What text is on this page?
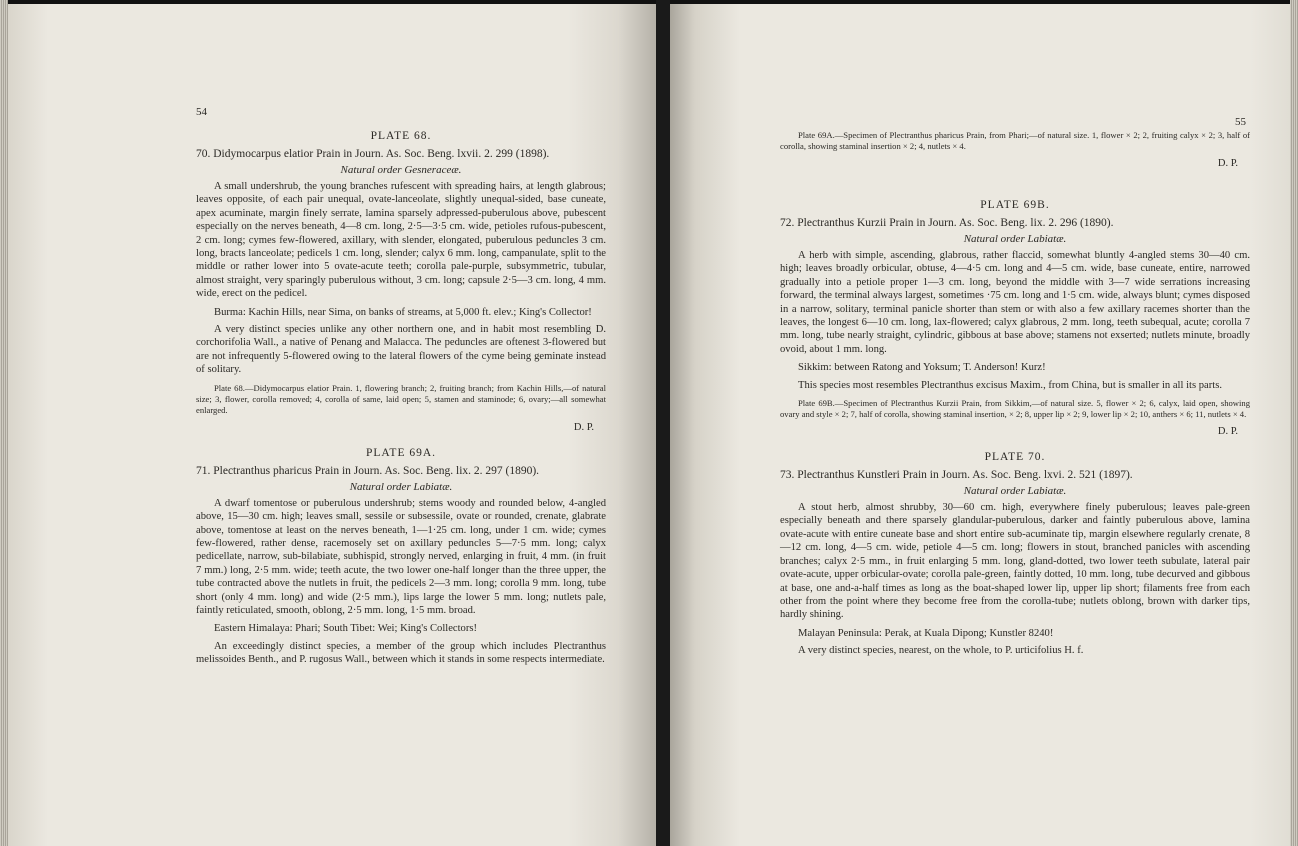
54

PLATE 68.

70. Didymocarpus elatior Prain in Journ. As. Soc. Beng. lxvii. 2. 299 (1898).

Natural order Gesneraceæ.

A small undershrub, the young branches rufescent with spreading hairs, at length glabrous; leaves opposite, of each pair unequal, ovate-lanceolate, slightly unequal-sided, base cuneate, apex acuminate, margin finely serrate, lamina sparsely adpressed-puberulous above, pubescent especially on the nerves beneath, 4—8 cm. long, 2·5—3·5 cm. wide, petioles rufous-pubescent, 2 cm. long; cymes few-flowered, axillary, with slender, elongated, puberulous peduncles 3 cm. long, bracts lanceolate; pedicels 1 cm. long, slender; calyx 6 mm. long, campanulate, split to the middle or rather lower into 5 ovate-acute teeth; corolla pale-purple, subsymmetric, tubular, almost straight, very sparingly puberulous without, 3 cm. long; capsule 2·5—3 cm. long, 4 mm. wide, erect on the pedicel.

Burma: Kachin Hills, near Sima, on banks of streams, at 5,000 ft. elev.; King's Collector!

A very distinct species unlike any other northern one, and in habit most resembling D. corchorifolia Wall., a native of Penang and Malacca. The peduncles are oftenest 3-flowered but are not infrequently 5-flowered owing to the lateral flowers of the cyme being geminate instead of solitary.

Plate 68.—Didymocarpus elatior Prain. 1, flowering branch; 2, fruiting branch; from Kachin Hills,—of natural size; 3, flower, corolla removed; 4, corolla of same, laid open; 5, stamen and staminode; 6, ovary;—all somewhat enlarged.

D. P.

PLATE 69A.

71. Plectranthus pharicus Prain in Journ. As. Soc. Beng. lix. 2. 297 (1890).

Natural order Labiatæ.

A dwarf tomentose or puberulous undershrub; stems woody and rounded below, 4-angled above, 15—30 cm. high; leaves small, sessile or subsessile, ovate or rounded, crenate, glabrate above, tomentose at least on the nerves beneath, 1—1·25 cm. long, under 1 cm. wide; cymes few-flowered, rather dense, racemosely set on axillary peduncles 5—7·5 mm. long; calyx pedicellate, narrow, sub-bilabiate, subhispid, strongly nerved, enlarging in fruit, 4 mm. (in fruit 7 mm.) long, 2·5 mm. wide; teeth acute, the two lower one-half longer than the three upper, the tube contracted above the nutlets in fruit, the pedicels 2—3 mm. long; corolla 9 mm. long, tube short (only 4 mm. long) and wide (2·5 mm.), lips large the lower 5 mm. long; nutlets pale, faintly reticulated, smooth, oblong, 2·5 mm. long, 1·5 mm. broad.

Eastern Himalaya: Phari; South Tibet: Wei; King's Collectors!

An exceedingly distinct species, a member of the group which includes Plectranthus melissoides Benth., and P. rugosus Wall., between which it stands in some respects intermediate.

55

Plate 69A.—Specimen of Plectranthus pharicus Prain, from Phari;—of natural size. 1, flower × 2; 2, fruiting calyx × 2; 3, half of corolla, showing staminal insertion × 2; 4, nutlets × 4.

D. P.

PLATE 69B.

72. Plectranthus Kurzii Prain in Journ. As. Soc. Beng. lix. 2. 296 (1890).

Natural order Labiatæ.

A herb with simple, ascending, glabrous, rather flaccid, somewhat bluntly 4-angled stems 30—40 cm. high; leaves broadly orbicular, obtuse, 4—4·5 cm. long and 4—5 cm. wide, base cuneate, entire, narrowed gradually into a petiole proper 1—3 cm. long, beyond the middle with 3—7 wide serrations increasing forward, the terminal always largest, sometimes ·75 cm. long and 1·5 cm. wide, always blunt; cymes disposed in a narrow, solitary, terminal panicle shorter than stem or with also a few axillary racemes shorter than the leaves, the longest 6—10 cm. long, lax-flowered; calyx glabrous, 2 mm. long, teeth subequal, acute; corolla 7 mm. long, tube nearly straight, cylindric, gibbous at base above; stamens not exserted; nutlets minute, broadly ovoid, about 1 mm. long.

Sikkim: between Ratong and Yoksum; T. Anderson! Kurz!

This species most resembles Plectranthus excisus Maxim., from China, but is smaller in all its parts.

Plate 69B.—Specimen of Plectranthus Kurzii Prain, from Sikkim,—of natural size. 5, flower × 2; 6, calyx, laid open, showing ovary and style × 2; 7, half of corolla, showing staminal insertion, × 2; 8, upper lip × 2; 9, lower lip × 2; 10, anthers × 6; 11, nutlets × 4.

D. P.

PLATE 70.

73. Plectranthus Kunstleri Prain in Journ. As. Soc. Beng. lxvi. 2. 521 (1897).

Natural order Labiatæ.

A stout herb, almost shrubby, 30—60 cm. high, everywhere finely puberulous; leaves pale-green especially beneath and there sparsely glandular-puberulous, darker and faintly puberulous above, lamina ovate-acute with entire cuneate base and short entire sub-acuminate tip, margin elsewhere regularly crenate, 8—12 cm. long, 4—5 cm. wide, petiole 4—5 cm. long; flowers in stout, branched panicles with ascending branches; calyx 2·5 mm., in fruit enlarging 5 mm. long, gland-dotted, two lower teeth subulate, lateral pair ovate-acute, upper orbicular-ovate; corolla pale-green, faintly dotted, 10 mm. long, tube decurved and gibbous at base, one and-a-half times as long as the boat-shaped lower lip, upper lip short; filaments free from each other from the point where they become free from the corolla-tube; nutlets oblong, brown with darker tips, hardly shining.

Malayan Peninsula: Perak, at Kuala Dipong; Kunstler 8240!

A very distinct species, nearest, on the whole, to P. urticifolius H. f.
